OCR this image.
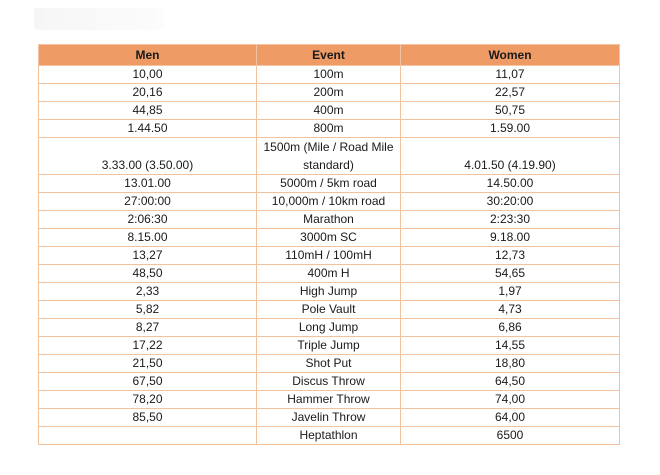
Men	Event	Women
10,00	100m	11,07
20,16	200m	22,57
44,85	400m	50,75
1.44.50	800m	1.59.00
3.33.00 (3.50.00)	1500m (Mile / Road Mile standard)	4.01.50 (4.19.90)
13.01.00	5000m / 5km road	14.50.00
27:00:00	10,000m / 10km road	30:20:00
2:06:30	Marathon	2:23:30
8.15.00	3000m SC	9.18.00
13,27	110mH / 100mH	12,73
48,50	400m H	54,65
2,33	High Jump	1,97
5,82	Pole Vault	4,73
8,27	Long Jump	6,86
17,22	Triple Jump	14,55
21,50	Shot Put	18,80
67,50	Discus Throw	64,50
78,20	Hammer Throw	74,00
85,50	Javelin Throw	64,00
	Heptathlon	6500
